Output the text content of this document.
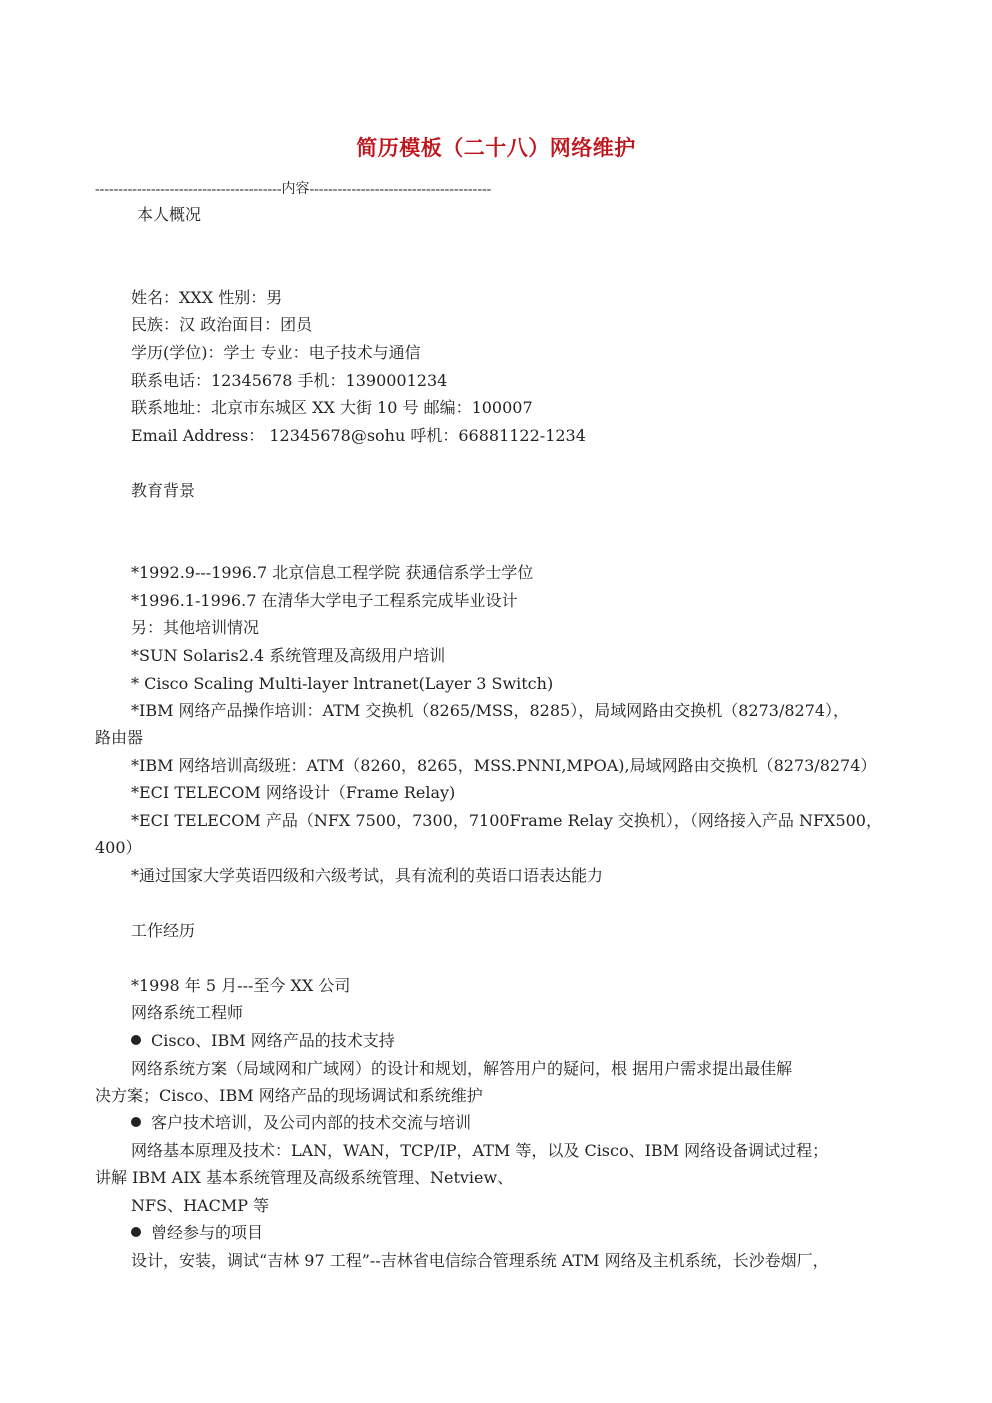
简历模板（二十八）网络维护
----------------------------------------内容---------------------------------------
本人概况
姓名：XXX 性别：男
民族：汉 政治面目：团员
学历(学位)：学士 专业：电子技术与通信
联系电话：12345678 手机：1390001234
联系地址：北京市东城区 XX 大街 10 号 邮编：100007
Email Address： 12345678@sohu 呼机：66881122-1234
教育背景
*1992.9---1996.7 北京信息工程学院 获通信系学士学位
*1996.1-1996.7 在清华大学电子工程系完成毕业设计
另：其他培训情况
*SUN Solaris2.4 系统管理及高级用户培训
* Cisco Scaling Multi-layer lntranet(Layer 3 Switch)
*IBM 网络产品操作培训：ATM 交换机（8265/MSS，8285），局域网路由交换机（8273/8274），
路由器
*IBM 网络培训高级班：ATM（8260，8265，MSS.PNNI,MPOA),局域网路由交换机（8273/8274）
*ECI TELECOM 网络设计（Frame Relay)
*ECI TELECOM 产品（NFX 7500，7300，7100Frame Relay 交换机），（网络接入产品 NFX500，
400）
*通过国家大学英语四级和六级考试，具有流利的英语口语表达能力
工作经历
*1998 年 5 月---至今 XX 公司
网络系统工程师
Cisco、IBM 网络产品的技术支持
网络系统方案（局域网和广域网）的设计和规划，解答用户的疑问，根 据用户需求提出最佳解
决方案；Cisco、IBM 网络产品的现场调试和系统维护
客户技术培训，及公司内部的技术交流与培训
网络基本原理及技术：LAN，WAN，TCP/IP，ATM 等，以及 Cisco、IBM 网络设备调试过程；
讲解 IBM AIX 基本系统管理及高级系统管理、Netview、
NFS、HACMP 等
曾经参与的项目
设计，安装，调试“吉林 97 工程”--吉林省电信综合管理系统 ATM 网络及主机系统，长沙卷烟厂，
